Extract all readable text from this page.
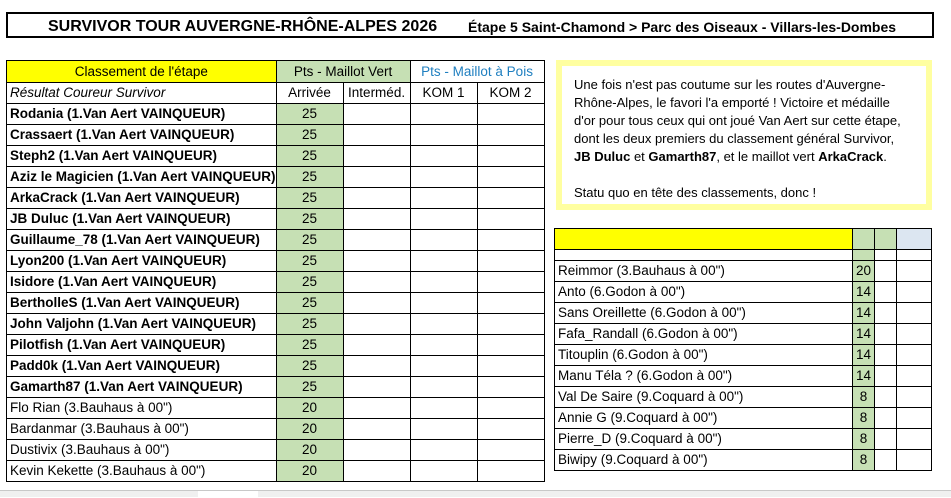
SURVIVOR TOUR AUVERGNE-RHÔNE-ALPES 2026 Étape 5 Saint-Chamond > Parc des Oiseaux - Villars-les-Dombes
Classement de l'étape	Pts - Maillot Vert		Pts - Maillot à Pois	
Résultat Coureur Survivor	Arrivée	Interméd.	KOM 1	KOM 2
Rodania (1.Van Aert VAINQUEUR)	25			
Crassaert (1.Van Aert VAINQUEUR)	25			
Steph2 (1.Van Aert VAINQUEUR)	25			
Aziz le Magicien (1.Van Aert VAINQUEUR)	25			
ArkaCrack (1.Van Aert VAINQUEUR)	25			
JB Duluc (1.Van Aert VAINQUEUR)	25			
Guillaume_78 (1.Van Aert VAINQUEUR)	25			
Lyon200 (1.Van Aert VAINQUEUR)	25			
Isidore (1.Van Aert VAINQUEUR)	25			
BertholleS (1.Van Aert VAINQUEUR)	25			
John Valjohn (1.Van Aert VAINQUEUR)	25			
Pilotfish (1.Van Aert VAINQUEUR)	25			
Padd0k (1.Van Aert VAINQUEUR)	25			
Gamarth87 (1.Van Aert VAINQUEUR)	25			
Flo Rian (3.Bauhaus à 00")	20			
Bardanmar (3.Bauhaus à 00")	20			
Dustivix (3.Bauhaus à 00")	20			
Kevin Kekette (3.Bauhaus à 00")	20			

Une fois n'est pas coutume sur les routes d'Auvergne-Rhône-Alpes, le favori l'a emporté ! Victoire et médaille d'or pour tous ceux qui ont joué Van Aert sur cette étape, dont les deux premiers du classement général Survivor, JB Duluc et Gamarth87, et le maillot vert ArkaCrack.

Statu quo en tête des classements, donc !

Reimmor (3.Bauhaus à 00")	20		
Anto (6.Godon à 00")	14		
Sans Oreillette (6.Godon à 00")	14		
Fafa_Randall (6.Godon à 00")	14		
Titouplin (6.Godon à 00")	14		
Manu Téla ? (6.Godon à 00")	14		
Val De Saire (9.Coquard à 00")	8		
Annie G (9.Coquard à 00")	8		
Pierre_D (9.Coquard à 00")	8		
Biwipy (9.Coquard à 00")	8		
